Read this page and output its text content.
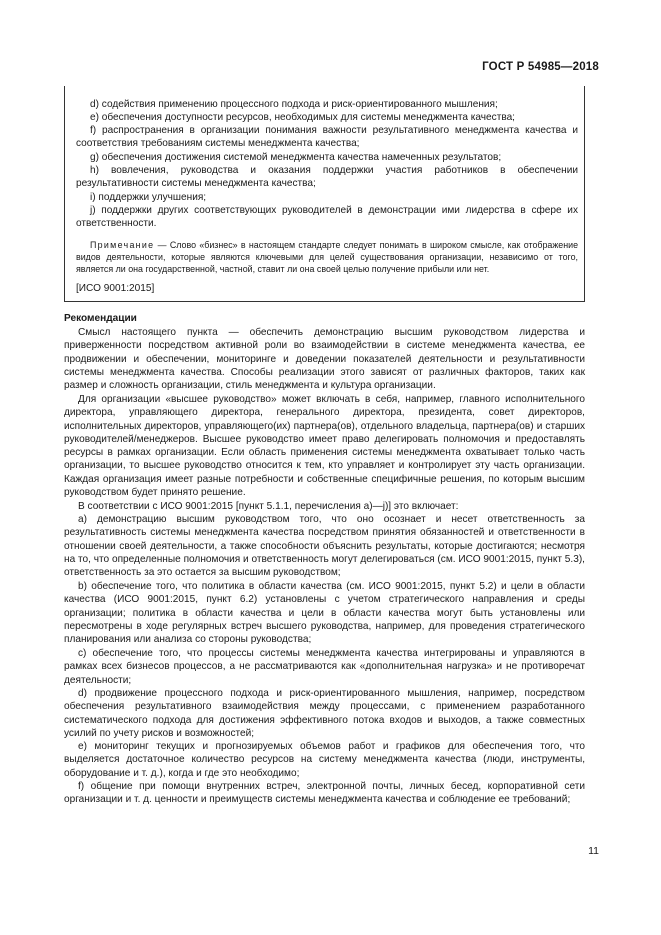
ГОСТ Р 54985—2018

d) содействия применению процессного подхода и риск-ориентированного мышления;

e) обеспечения доступности ресурсов, необходимых для системы менеджмента качества;

f) распространения в организации понимания важности результативного менеджмента качества и соответствия требованиям системы менеджмента качества;

g) обеспечения достижения системой менеджмента качества намеченных результатов;

h) вовлечения, руководства и оказания поддержки участия работников в обеспечении результативности системы менеджмента качества;

i) поддержки улучшения;

j) поддержки других соответствующих руководителей в демонстрации ими лидерства в сфере их ответственности.

Примечание — Слово «бизнес» в настоящем стандарте следует понимать в широком смысле, как отображение видов деятельности, которые являются ключевыми для целей существования организации, независимо от того, является ли она государственной, частной, ставит ли она своей целью получение прибыли или нет.

[ИСО 9001:2015]
Рекомендации

Смысл настоящего пункта — обеспечить демонстрацию высшим руководством лидерства и приверженности посредством активной роли во взаимодействии в системе менеджмента качества, ее продвижении и обеспечении, мониторинге и доведении показателей деятельности и результативности системы менеджмента качества. Способы реализации этого зависят от различных факторов, таких как размер и сложность организации, стиль менеджмента и культура организации.

Для организации «высшее руководство» может включать в себя, например, главного исполнительного директора, управляющего директора, генерального директора, президента, совет директоров, исполнительных директоров, управляющего(их) партнера(ов), отдельного владельца, партнера(ов) и старших руководителей/менеджеров. Высшее руководство имеет право делегировать полномочия и предоставлять ресурсы в рамках организации. Если область применения системы менеджмента охватывает только часть организации, то высшее руководство относится к тем, кто управляет и контролирует эту часть организации. Каждая организация имеет разные потребности и собственные специфичные решения, по которым высшим руководством будет принято решение.

В соответствии с ИСО 9001:2015 [пункт 5.1.1, перечисления а)—j)] это включает:

а) демонстрацию высшим руководством того, что оно осознает и несет ответственность за результативность системы менеджмента качества посредством принятия обязанностей и ответственности в отношении своей деятельности, а также способности объяснить результаты, которые достигаются; несмотря на то, что определенные полномочия и ответственность могут делегироваться (см. ИСО 9001:2015, пункт 5.3), ответственность за это остается за высшим руководством;

b) обеспечение того, что политика в области качества (см. ИСО 9001:2015, пункт 5.2) и цели в области качества (ИСО 9001:2015, пункт 6.2) установлены с учетом стратегического направления и среды организации; политика в области качества и цели в области качества могут быть установлены или пересмотрены в ходе регулярных встреч высшего руководства, например, для проведения стратегического планирования или анализа со стороны руководства;

c) обеспечение того, что процессы системы менеджмента качества интегрированы и управляются в рамках всех бизнесов процессов, а не рассматриваются как «дополнительная нагрузка» и не противоречат деятельности;

d) продвижение процессного подхода и риск-ориентированного мышления, например, посредством обеспечения результативного взаимодействия между процессами, с применением разработанного систематического подхода для достижения эффективного потока входов и выходов, а также совместных усилий по учету рисков и возможностей;

e) мониторинг текущих и прогнозируемых объемов работ и графиков для обеспечения того, что выделяется достаточное количество ресурсов на систему менеджмента качества (люди, инструменты, оборудование и т. д.), когда и где это необходимо;

f) общение при помощи внутренних встреч, электронной почты, личных бесед, корпоративной сети организации и т. д. ценности и преимуществ системы менеджмента качества и соблюдение ее требований;

11
